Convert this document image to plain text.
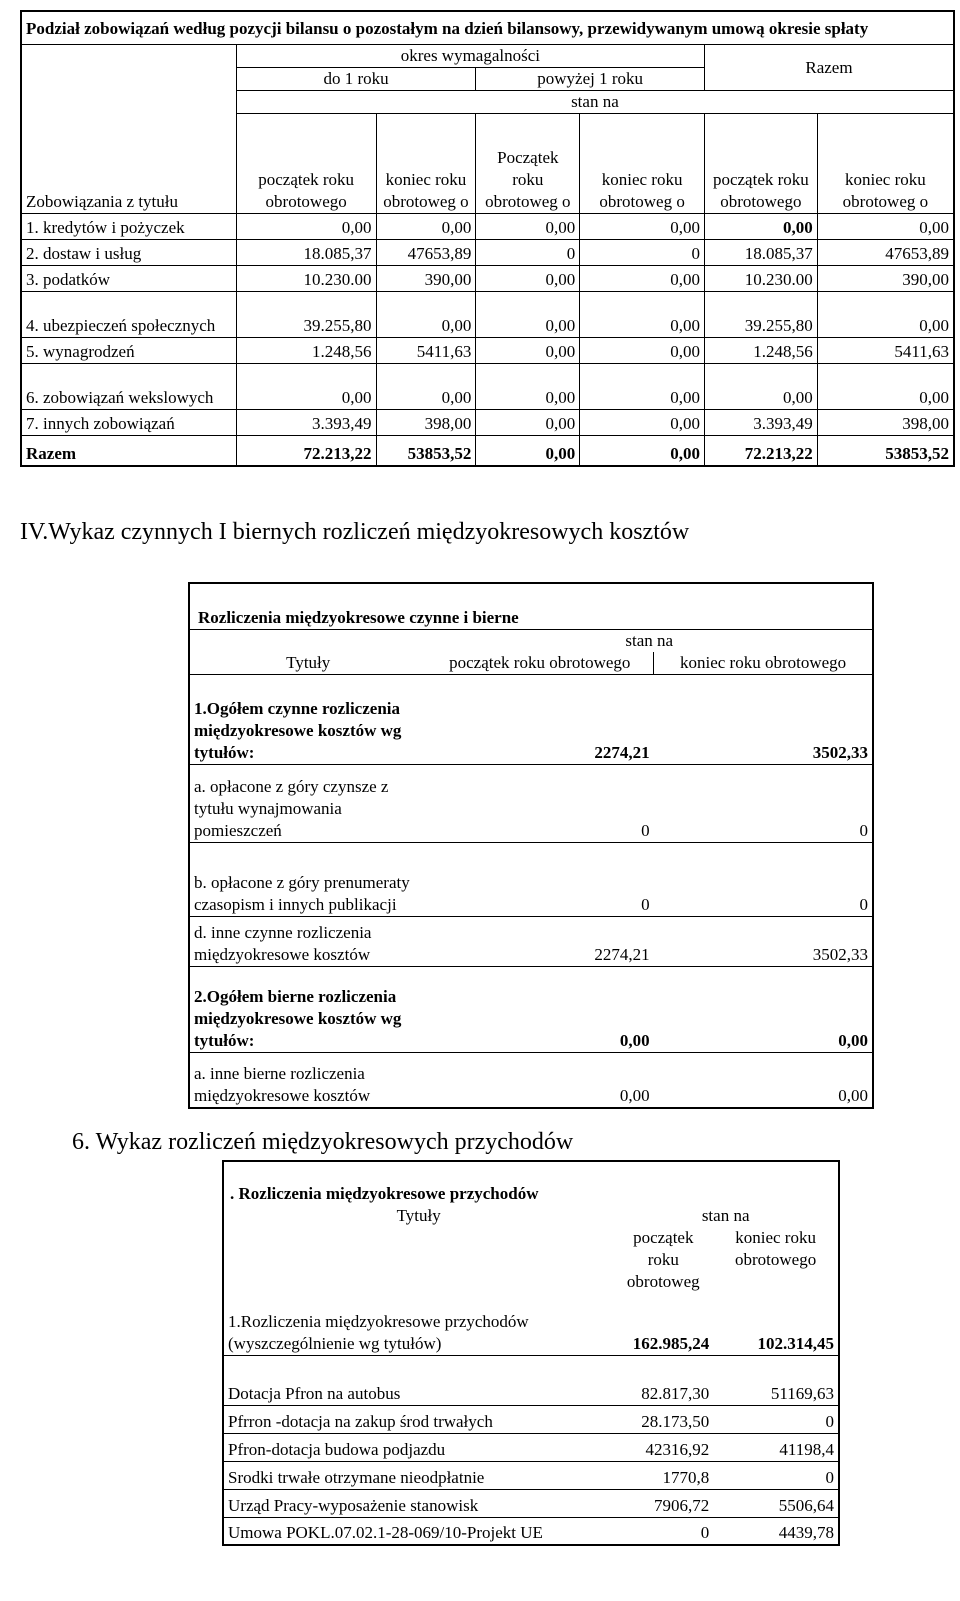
Podział zobowiązań według pozycji bilansu o pozostałym na dzień bilansowy, przewidywanym umową okresie spłaty						
Zobowiązania z tytułu	okres wymagalności				Razem	
	do 1 roku		powyżej 1 roku			
	stan na					
	początek roku obrotowego	koniec roku obrotoweg o	Początek roku obrotoweg o	koniec roku obrotoweg o	początek roku obrotowego	koniec roku obrotoweg o
1. kredytów i pożyczek	0,00	0,00	0,00	0,00	0,00	0,00
2. dostaw i usług	18.085,37	47653,89	0	0	18.085,37	47653,89
3. podatków	10.230.00	390,00	0,00	0,00	10.230.00	390,00
4. ubezpieczeń społecznych	39.255,80	0,00	0,00	0,00	39.255,80	0,00
5. wynagrodzeń	1.248,56	5411,63	0,00	0,00	1.248,56	5411,63
6. zobowiązań wekslowych	0,00	0,00	0,00	0,00	0,00	0,00
7. innych zobowiązań	3.393,49	398,00	0,00	0,00	3.393,49	398,00
Razem	72.213,22	53853,52	0,00	0,00	72.213,22	53853,52
IV.Wykaz czynnych I biernych rozliczeń międzyokresowych kosztów
Rozliczenia międzyokresowe czynne i bierne		
Tytuły	stan na	
	początek roku obrotowego	koniec roku obrotowego
1.Ogółem czynne rozliczenia międzyokresowe kosztów wg tytułów:	2274,21	3502,33
a. opłacone z góry czynsze z tytułu wynajmowania pomieszczeń	0	0
b. opłacone z góry prenumeraty czasopism i innych publikacji	0	0
d. inne czynne rozliczenia międzyokresowe kosztów	2274,21	3502,33
2.Ogółem bierne rozliczenia międzyokresowe kosztów wg tytułów:	0,00	0,00
a. inne bierne rozliczenia międzyokresowe kosztów	0,00	0,00
6. Wykaz rozliczeń międzyokresowych przychodów
. Rozliczenia międzyokresowe przychodów		
Tytuły	stan na	
	początek roku obrotoweg	koniec roku obrotowego
1.Rozliczenia międzyokresowe przychodów (wyszczególnienie wg tytułów)	162.985,24	102.314,45
Dotacja Pfron na autobus	82.817,30	51169,63
Pfrron -dotacja na zakup środ trwałych	28.173,50	0
Pfron-dotacja budowa podjazdu	42316,92	41198,4
Srodki trwałe otrzymane nieodpłatnie	1770,8	0
Urząd Pracy-wyposażenie stanowisk	7906,72	5506,64
Umowa POKL.07.02.1-28-069/10-Projekt UE	0	4439,78
